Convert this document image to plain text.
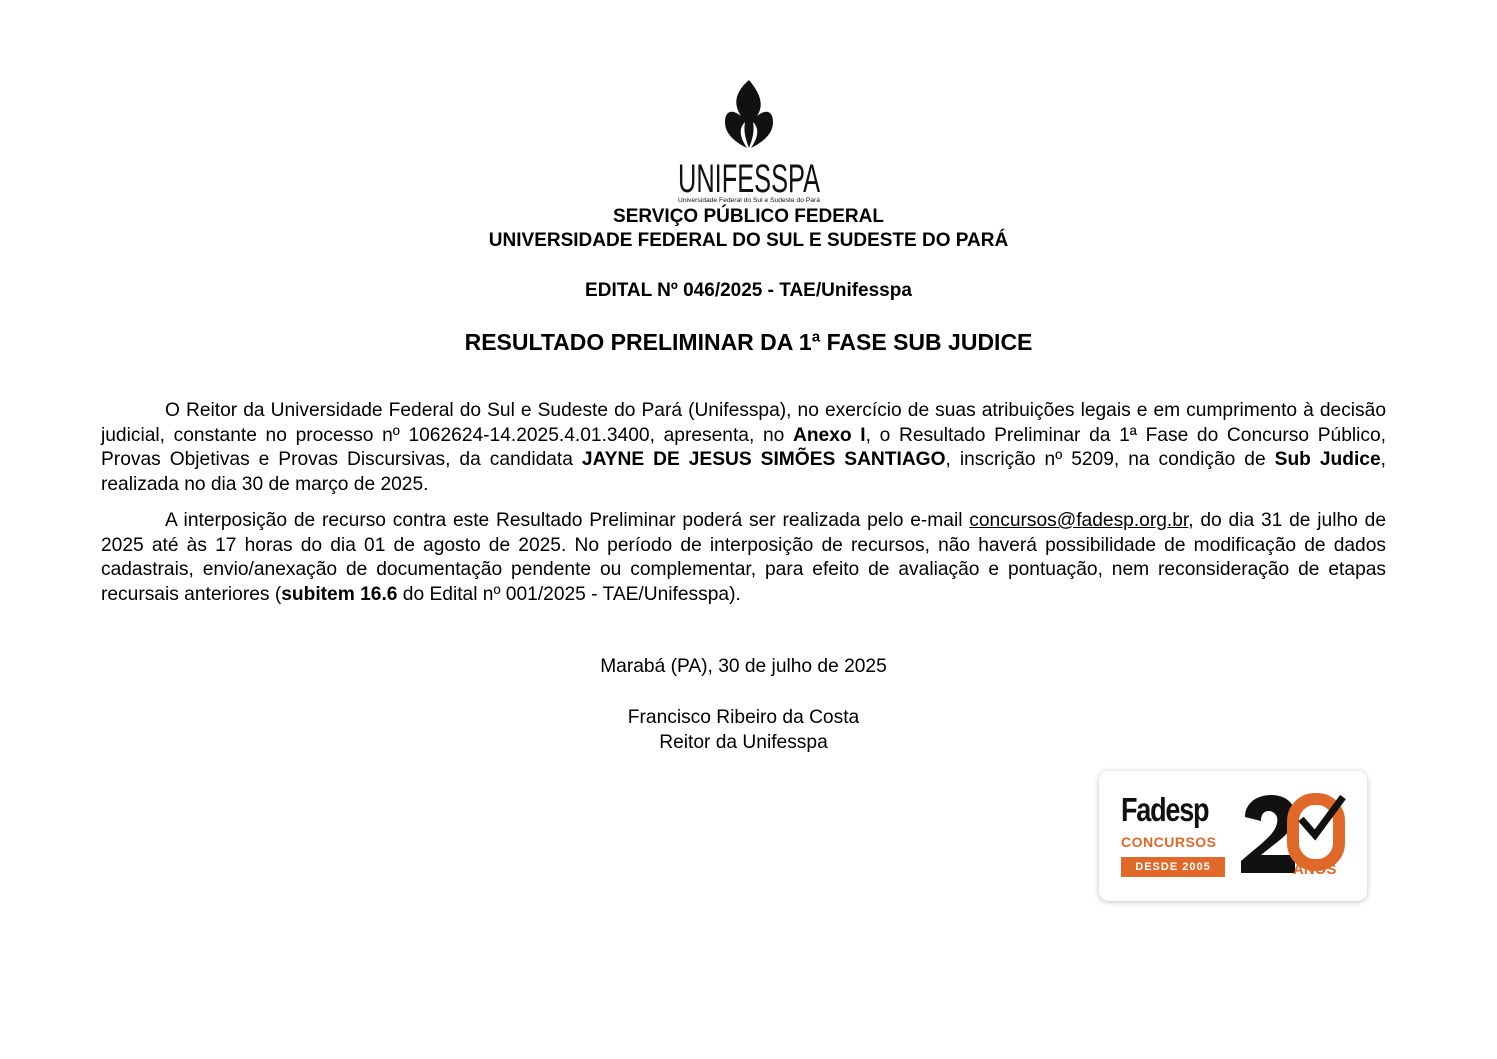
UNIFESSPA
Universidade Federal do Sul e Sudeste do Pará
SERVIÇO PÚBLICO FEDERAL
UNIVERSIDADE FEDERAL DO SUL E SUDESTE DO PARÁ
EDITAL Nº 046/2025 - TAE/Unifesspa
RESULTADO PRELIMINAR DA 1ª FASE SUB JUDICE

O Reitor da Universidade Federal do Sul e Sudeste do Pará (Unifesspa), no exercício de suas atribuições legais e em cumprimento à decisão judicial, constante no processo nº 1062624-14.2025.4.01.3400, apresenta, no Anexo I, o Resultado Preliminar da 1ª Fase do Concurso Público, Provas Objetivas e Provas Discursivas, da candidata JAYNE DE JESUS SIMÕES SANTIAGO, inscrição nº 5209, na condição de Sub Judice, realizada no dia 30 de março de 2025.

A interposição de recurso contra este Resultado Preliminar poderá ser realizada pelo e-mail concursos@fadesp.org.br, do dia 31 de julho de 2025 até às 17 horas do dia 01 de agosto de 2025. No período de interposição de recursos, não haverá possibilidade de modificação de dados cadastrais, envio/anexação de documentação pendente ou complementar, para efeito de avaliação e pontuação, nem reconsideração de etapas recursais anteriores (subitem 16.6 do Edital nº 001/2025 - TAE/Unifesspa).

Marabá (PA), 30 de julho de 2025
Francisco Ribeiro da Costa
Reitor da Unifesspa
Fadesp
CONCURSOS
DESDE 2005	ANOS
